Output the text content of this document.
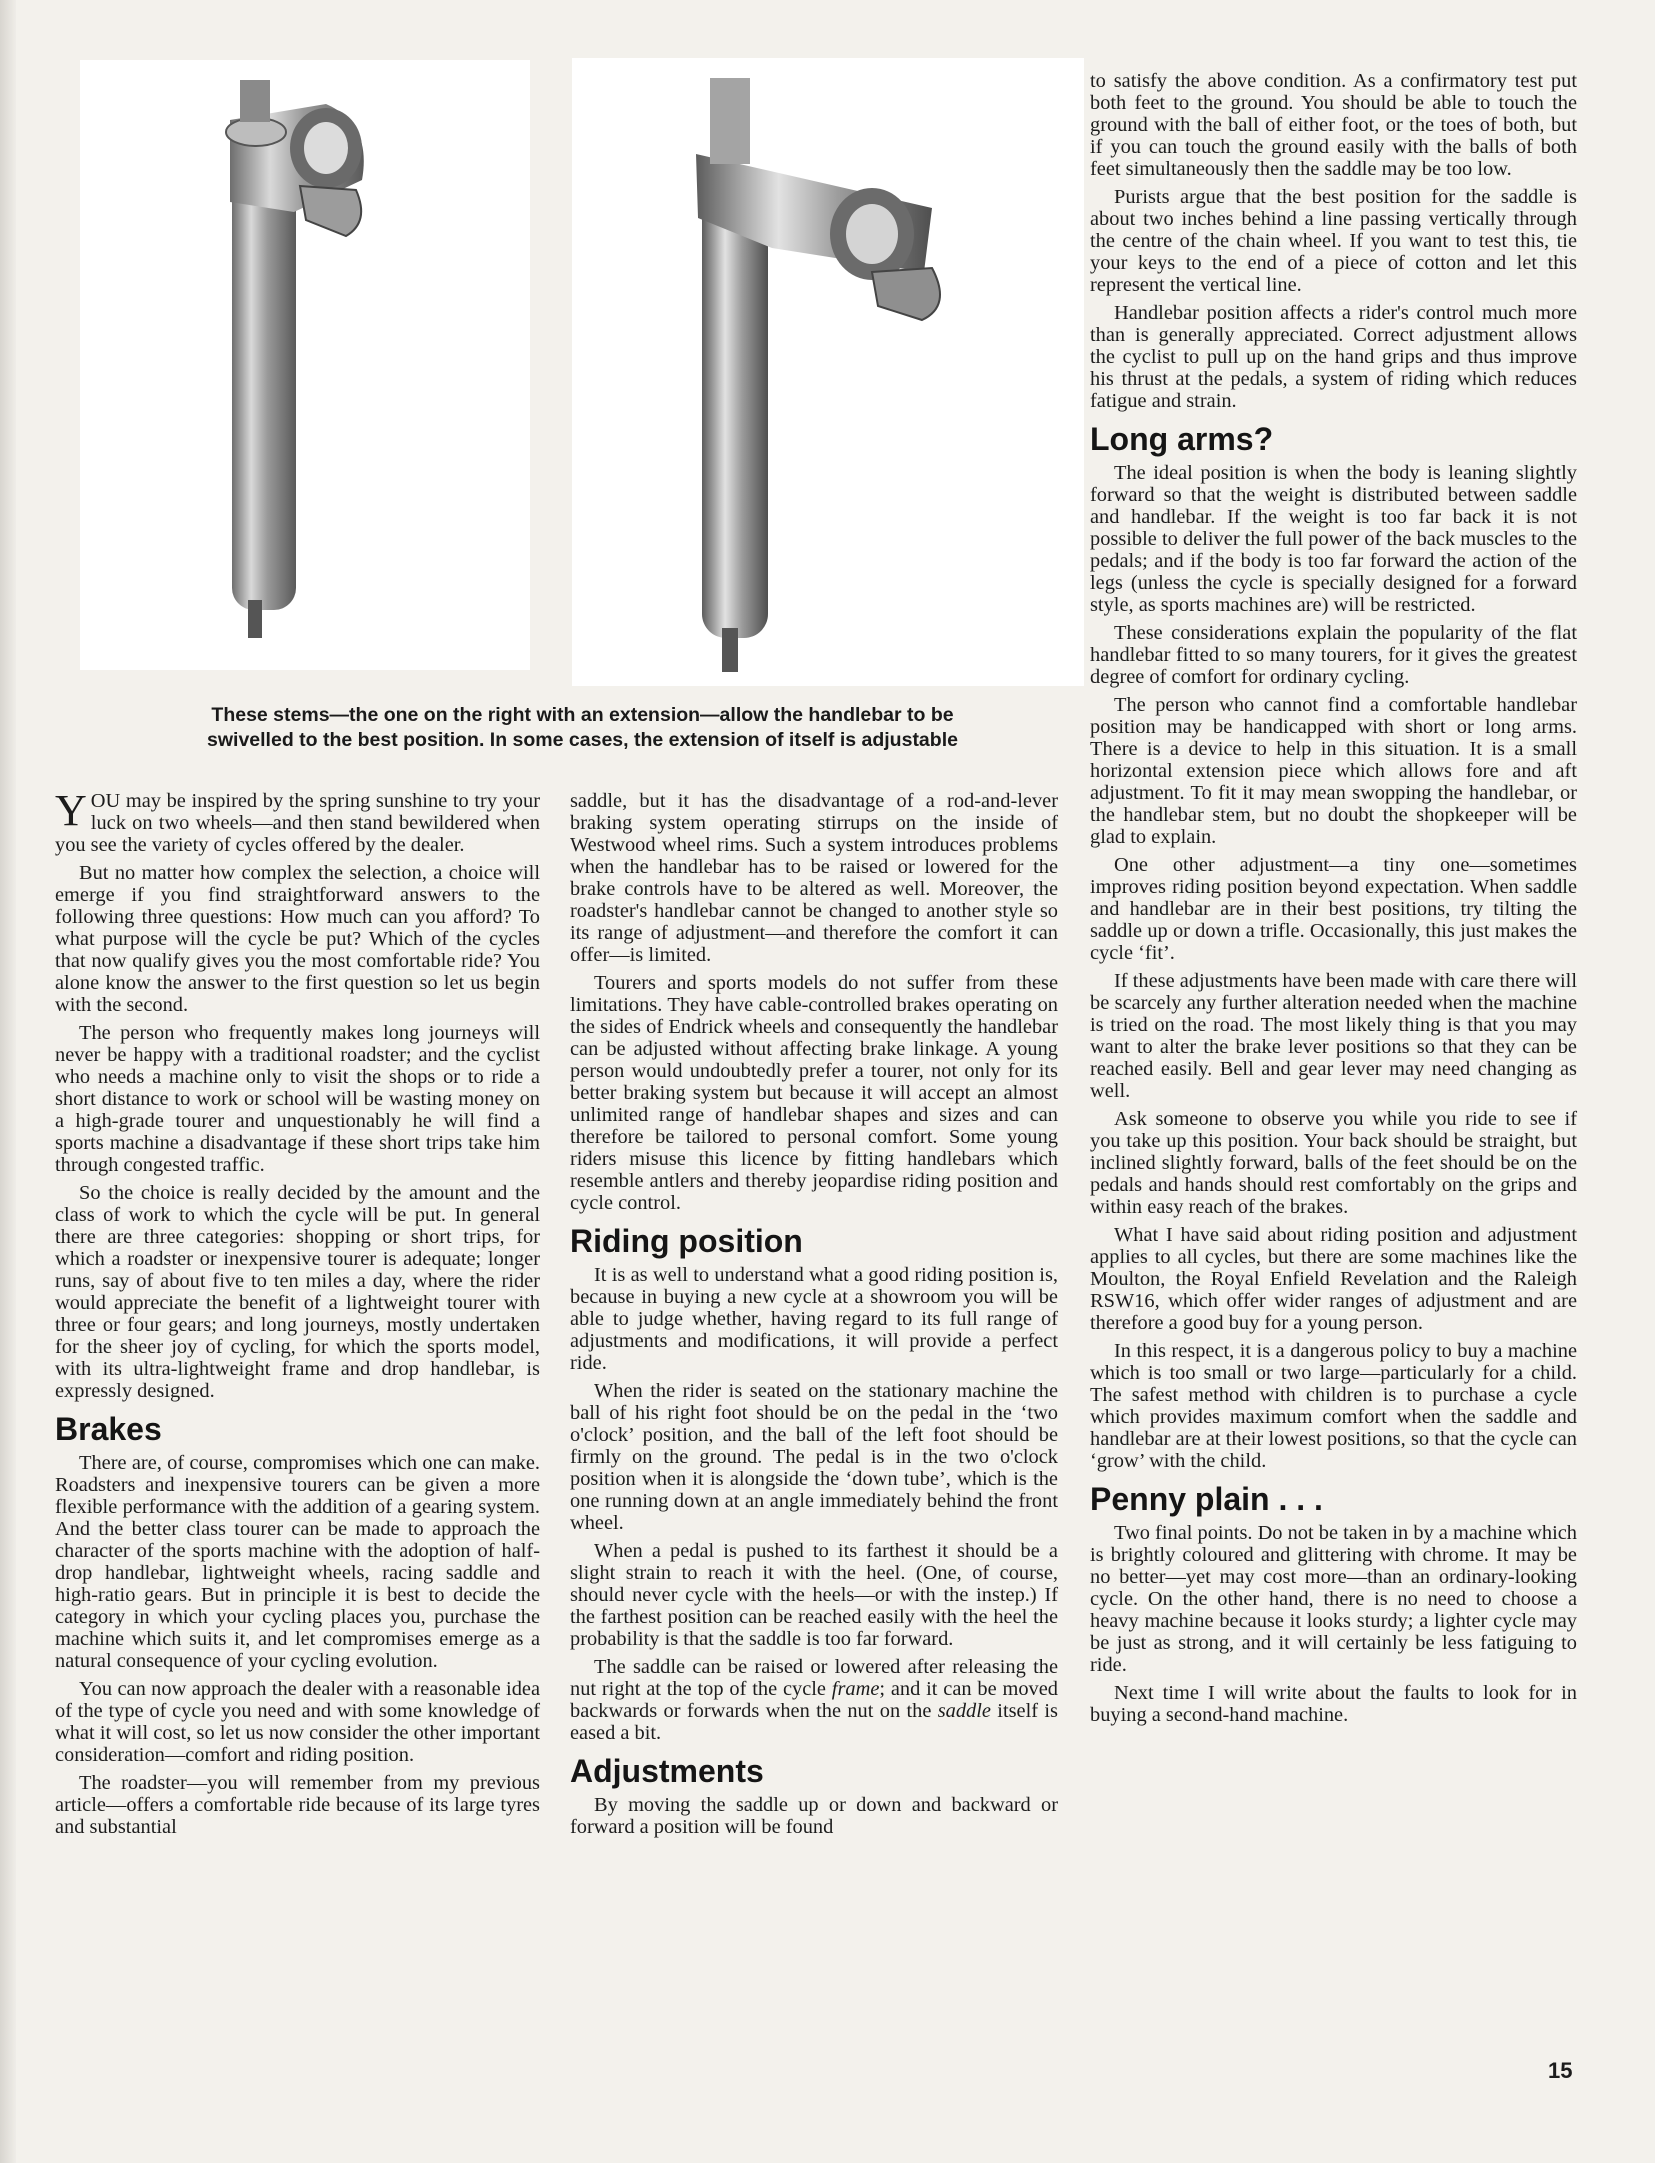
These stems—the one on the right with an extension—allow the handlebar to be
swivelled to the best position. In some cases, the extension of itself is adjustable

YOU may be inspired by the spring sunshine to try your luck on two wheels—and then stand bewildered when you see the variety of cycles offered by the dealer.

But no matter how complex the selection, a choice will emerge if you find straightforward answers to the following three questions: How much can you afford? To what purpose will the cycle be put? Which of the cycles that now qualify gives you the most comfortable ride? You alone know the answer to the first question so let us begin with the second.

The person who frequently makes long journeys will never be happy with a traditional roadster; and the cyclist who needs a machine only to visit the shops or to ride a short distance to work or school will be wasting money on a high-grade tourer and unquestionably he will find a sports machine a disadvantage if these short trips take him through congested traffic.

So the choice is really decided by the amount and the class of work to which the cycle will be put. In general there are three categories: shopping or short trips, for which a roadster or inexpensive tourer is adequate; longer runs, say of about five to ten miles a day, where the rider would appreciate the benefit of a lightweight tourer with three or four gears; and long journeys, mostly undertaken for the sheer joy of cycling, for which the sports model, with its ultra-lightweight frame and drop handlebar, is expressly designed.

Brakes

There are, of course, compromises which one can make. Roadsters and inexpensive tourers can be given a more flexible performance with the addition of a gearing system. And the better class tourer can be made to approach the character of the sports machine with the adoption of half-drop handlebar, lightweight wheels, racing saddle and high-ratio gears. But in principle it is best to decide the category in which your cycling places you, purchase the machine which suits it, and let compromises emerge as a natural consequence of your cycling evolution.

You can now approach the dealer with a reasonable idea of the type of cycle you need and with some knowledge of what it will cost, so let us now consider the other important consideration—comfort and riding position.

The roadster—you will remember from my previous article—offers a comfortable ride because of its large tyres and substantial

saddle, but it has the disadvantage of a rod-and-lever braking system operating stirrups on the inside of Westwood wheel rims. Such a system introduces problems when the handlebar has to be raised or lowered for the brake controls have to be altered as well. Moreover, the roadster's handlebar cannot be changed to another style so its range of adjustment—and therefore the comfort it can offer—is limited.

Tourers and sports models do not suffer from these limitations. They have cable-controlled brakes operating on the sides of Endrick wheels and consequently the handlebar can be adjusted without affecting brake linkage. A young person would undoubtedly prefer a tourer, not only for its better braking system but because it will accept an almost unlimited range of handlebar shapes and sizes and can therefore be tailored to personal comfort. Some young riders misuse this licence by fitting handlebars which resemble antlers and thereby jeopardise riding position and cycle control.

Riding position

It is as well to understand what a good riding position is, because in buying a new cycle at a showroom you will be able to judge whether, having regard to its full range of adjustments and modifications, it will provide a perfect ride.

When the rider is seated on the stationary machine the ball of his right foot should be on the pedal in the ‘two o'clock’ position, and the ball of the left foot should be firmly on the ground. The pedal is in the two o'clock position when it is alongside the ‘down tube’, which is the one running down at an angle immediately behind the front wheel.

When a pedal is pushed to its farthest it should be a slight strain to reach it with the heel. (One, of course, should never cycle with the heels—or with the instep.) If the farthest position can be reached easily with the heel the probability is that the saddle is too far forward.

The saddle can be raised or lowered after releasing the nut right at the top of the cycle frame; and it can be moved backwards or forwards when the nut on the saddle itself is eased a bit.

Adjustments

By moving the saddle up or down and backward or forward a position will be found

to satisfy the above condition. As a confirmatory test put both feet to the ground. You should be able to touch the ground with the ball of either foot, or the toes of both, but if you can touch the ground easily with the balls of both feet simultaneously then the saddle may be too low.

Purists argue that the best position for the saddle is about two inches behind a line passing vertically through the centre of the chain wheel. If you want to test this, tie your keys to the end of a piece of cotton and let this represent the vertical line.

Handlebar position affects a rider's control much more than is generally appreciated. Correct adjustment allows the cyclist to pull up on the hand grips and thus improve his thrust at the pedals, a system of riding which reduces fatigue and strain.

Long arms?

The ideal position is when the body is leaning slightly forward so that the weight is distributed between saddle and handlebar. If the weight is too far back it is not possible to deliver the full power of the back muscles to the pedals; and if the body is too far forward the action of the legs (unless the cycle is specially designed for a forward style, as sports machines are) will be restricted.

These considerations explain the popularity of the flat handlebar fitted to so many tourers, for it gives the greatest degree of comfort for ordinary cycling.

The person who cannot find a comfortable handlebar position may be handicapped with short or long arms. There is a device to help in this situation. It is a small horizontal extension piece which allows fore and aft adjustment. To fit it may mean swopping the handlebar, or the handlebar stem, but no doubt the shopkeeper will be glad to explain.

One other adjustment—a tiny one—sometimes improves riding position beyond expectation. When saddle and handlebar are in their best positions, try tilting the saddle up or down a trifle. Occasionally, this just makes the cycle ‘fit’.

If these adjustments have been made with care there will be scarcely any further alteration needed when the machine is tried on the road. The most likely thing is that you may want to alter the brake lever positions so that they can be reached easily. Bell and gear lever may need changing as well.

Ask someone to observe you while you ride to see if you take up this position. Your back should be straight, but inclined slightly forward, balls of the feet should be on the pedals and hands should rest comfortably on the grips and within easy reach of the brakes.

What I have said about riding position and adjustment applies to all cycles, but there are some machines like the Moulton, the Royal Enfield Revelation and the Raleigh RSW16, which offer wider ranges of adjustment and are therefore a good buy for a young person.

In this respect, it is a dangerous policy to buy a machine which is too small or two large—particularly for a child. The safest method with children is to purchase a cycle which provides maximum comfort when the saddle and handlebar are at their lowest positions, so that the cycle can ‘grow’ with the child.

Penny plain . . .

Two final points. Do not be taken in by a machine which is brightly coloured and glittering with chrome. It may be no better—yet may cost more—than an ordinary-looking cycle. On the other hand, there is no need to choose a heavy machine because it looks sturdy; a lighter cycle may be just as strong, and it will certainly be less fatiguing to ride.

Next time I will write about the faults to look for in buying a second-hand machine.

15
